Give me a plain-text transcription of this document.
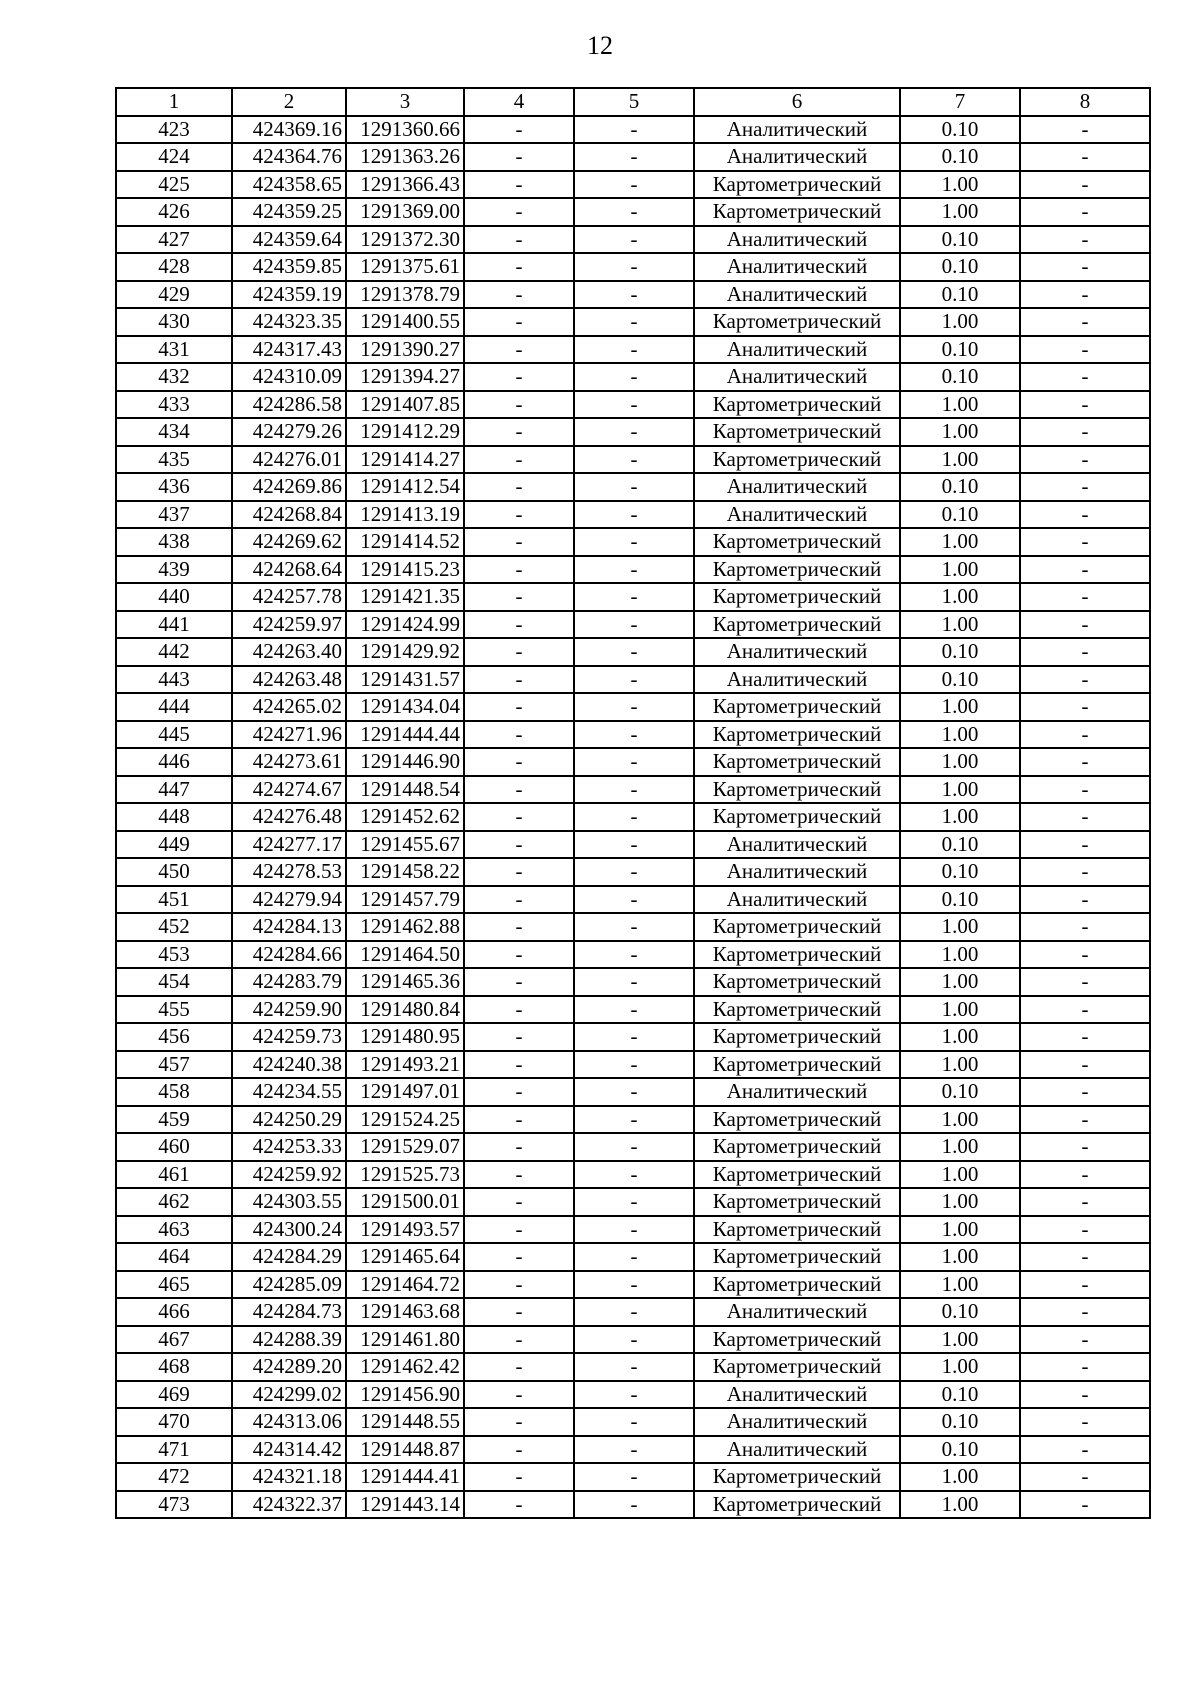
12
1	2	3	4	5	6	7	8
423	424369.16	1291360.66	-	-	Аналитический	0.10	-
424	424364.76	1291363.26	-	-	Аналитический	0.10	-
425	424358.65	1291366.43	-	-	Картометрический	1.00	-
426	424359.25	1291369.00	-	-	Картометрический	1.00	-
427	424359.64	1291372.30	-	-	Аналитический	0.10	-
428	424359.85	1291375.61	-	-	Аналитический	0.10	-
429	424359.19	1291378.79	-	-	Аналитический	0.10	-
430	424323.35	1291400.55	-	-	Картометрический	1.00	-
431	424317.43	1291390.27	-	-	Аналитический	0.10	-
432	424310.09	1291394.27	-	-	Аналитический	0.10	-
433	424286.58	1291407.85	-	-	Картометрический	1.00	-
434	424279.26	1291412.29	-	-	Картометрический	1.00	-
435	424276.01	1291414.27	-	-	Картометрический	1.00	-
436	424269.86	1291412.54	-	-	Аналитический	0.10	-
437	424268.84	1291413.19	-	-	Аналитический	0.10	-
438	424269.62	1291414.52	-	-	Картометрический	1.00	-
439	424268.64	1291415.23	-	-	Картометрический	1.00	-
440	424257.78	1291421.35	-	-	Картометрический	1.00	-
441	424259.97	1291424.99	-	-	Картометрический	1.00	-
442	424263.40	1291429.92	-	-	Аналитический	0.10	-
443	424263.48	1291431.57	-	-	Аналитический	0.10	-
444	424265.02	1291434.04	-	-	Картометрический	1.00	-
445	424271.96	1291444.44	-	-	Картометрический	1.00	-
446	424273.61	1291446.90	-	-	Картометрический	1.00	-
447	424274.67	1291448.54	-	-	Картометрический	1.00	-
448	424276.48	1291452.62	-	-	Картометрический	1.00	-
449	424277.17	1291455.67	-	-	Аналитический	0.10	-
450	424278.53	1291458.22	-	-	Аналитический	0.10	-
451	424279.94	1291457.79	-	-	Аналитический	0.10	-
452	424284.13	1291462.88	-	-	Картометрический	1.00	-
453	424284.66	1291464.50	-	-	Картометрический	1.00	-
454	424283.79	1291465.36	-	-	Картометрический	1.00	-
455	424259.90	1291480.84	-	-	Картометрический	1.00	-
456	424259.73	1291480.95	-	-	Картометрический	1.00	-
457	424240.38	1291493.21	-	-	Картометрический	1.00	-
458	424234.55	1291497.01	-	-	Аналитический	0.10	-
459	424250.29	1291524.25	-	-	Картометрический	1.00	-
460	424253.33	1291529.07	-	-	Картометрический	1.00	-
461	424259.92	1291525.73	-	-	Картометрический	1.00	-
462	424303.55	1291500.01	-	-	Картометрический	1.00	-
463	424300.24	1291493.57	-	-	Картометрический	1.00	-
464	424284.29	1291465.64	-	-	Картометрический	1.00	-
465	424285.09	1291464.72	-	-	Картометрический	1.00	-
466	424284.73	1291463.68	-	-	Аналитический	0.10	-
467	424288.39	1291461.80	-	-	Картометрический	1.00	-
468	424289.20	1291462.42	-	-	Картометрический	1.00	-
469	424299.02	1291456.90	-	-	Аналитический	0.10	-
470	424313.06	1291448.55	-	-	Аналитический	0.10	-
471	424314.42	1291448.87	-	-	Аналитический	0.10	-
472	424321.18	1291444.41	-	-	Картометрический	1.00	-
473	424322.37	1291443.14	-	-	Картометрический	1.00	-
